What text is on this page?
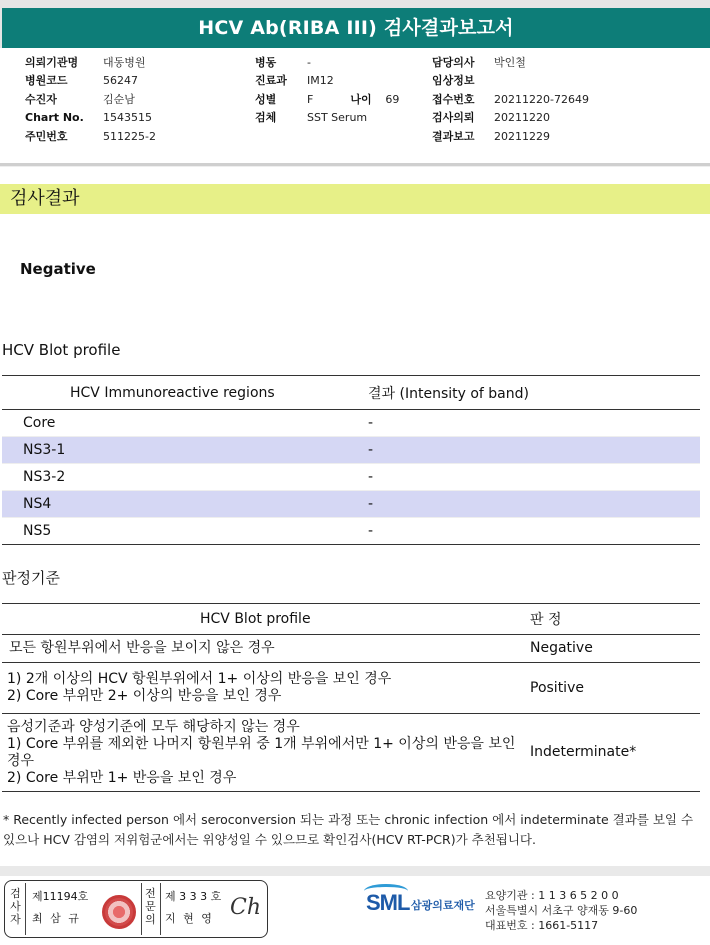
HCV Ab(RIBA III) 검사결과보고서
의뢰기관명	대동병원
병원코드	56247
수진자	김순남
Chart No.	1543515
주민번호	511225-2
병동	-
진료과	IM12
성별	F	나이	69
검체	SST Serum
담당의사	박인철
임상정보
접수번호	20211220-72649
검사의뢰	20211220
결과보고	20211229
검사결과
Negative
HCV Blot profile
HCV Immunoreactive regions	결과 (Intensity of band)
Core	-
NS3-1	-
NS3-2	-
NS4	-
NS5	-
판정기준
HCV Blot profile	판 정

모든 항원부위에서 반응을 보이지 않은 경우	Negative

1) 2개 이상의 HCV 항원부위에서 1+ 이상의 반응을 보인 경우
2) Core 부위만 2+ 이상의 반응을 보인 경우	Positive

음성기준과 양성기준에 모두 해당하지 않는 경우
1) Core 부위를 제외한 나머지 항원부위 중 1개 부위에서만 1+ 이상의 반응을 보인 경우
2) Core 부위만 1+ 반응을 보인 경우	Indeterminate*
* Recently infected person 에서 seroconversion 되는 과정 또는 chronic infection 에서 indeterminate 결과를 보일 수 있으나 HCV 감염의 저위험군에서는 위양성일 수 있으므로 확인검사(HCV RT-PCR)가 추천됩니다.
검
사
자
제11194호
최 삼 규
전
문
의
제 3 3 3 호
지 현 영 Ch	SML 삼광의료재단
요양기관 : 1 1 3 6 5 2 0 0
서울특별시 서초구 양재동 9-60
대표번호 : 1661-5117
